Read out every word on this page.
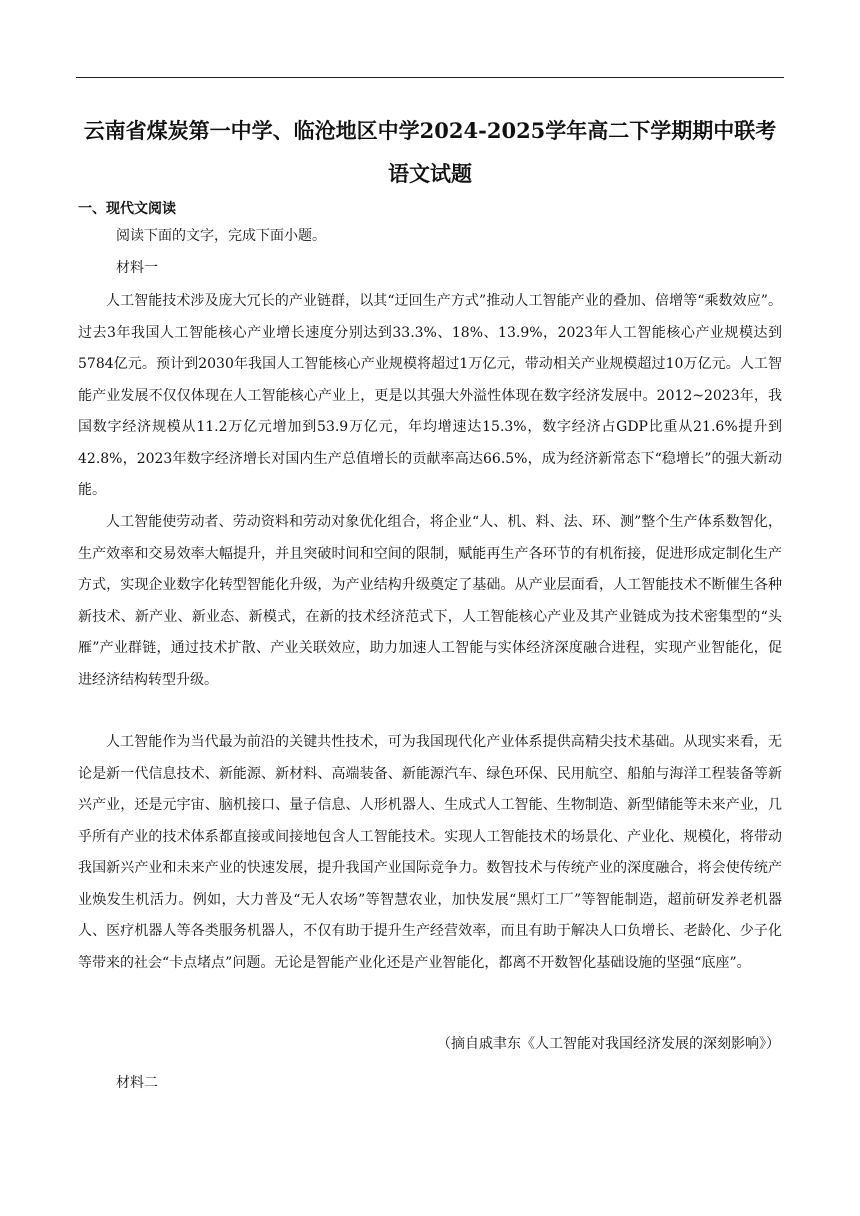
云南省煤炭第一中学、临沧地区中学2024-2025学年高二下学期期中联考
语文试题
一、现代文阅读
阅读下面的文字，完成下面小题。
材料一
人工智能技术涉及庞大冗长的产业链群，以其“迂回生产方式”推动人工智能产业的叠加、倍增等“乘数效应”。过去3年我国人工智能核心产业增长速度分别达到33.3%、18%、13.9%，2023年人工智能核心产业规模达到5784亿元。预计到2030年我国人工智能核心产业规模将超过1万亿元，带动相关产业规模超过10万亿元。人工智能产业发展不仅仅体现在人工智能核心产业上，更是以其强大外溢性体现在数字经济发展中。2012~2023年，我国数字经济规模从11.2万亿元增加到53.9万亿元，年均增速达15.3%，数字经济占GDP比重从21.6%提升到42.8%，2023年数字经济增长对国内生产总值增长的贡献率高达66.5%，成为经济新常态下“稳增长”的强大新动能。
人工智能使劳动者、劳动资料和劳动对象优化组合，将企业“人、机、料、法、环、测”整个生产体系数智化，生产效率和交易效率大幅提升，并且突破时间和空间的限制，赋能再生产各环节的有机衔接，促进形成定制化生产方式，实现企业数字化转型智能化升级，为产业结构升级奠定了基础。从产业层面看，人工智能技术不断催生各种新技术、新产业、新业态、新模式，在新的技术经济范式下，人工智能核心产业及其产业链成为技术密集型的“头雁”产业群链，通过技术扩散、产业关联效应，助力加速人工智能与实体经济深度融合进程，实现产业智能化，促进经济结构转型升级。
人工智能作为当代最为前沿的关键共性技术，可为我国现代化产业体系提供高精尖技术基础。从现实来看，无论是新一代信息技术、新能源、新材料、高端装备、新能源汽车、绿色环保、民用航空、船舶与海洋工程装备等新兴产业，还是元宇宙、脑机接口、量子信息、人形机器人、生成式人工智能、生物制造、新型储能等未来产业，几乎所有产业的技术体系都直接或间接地包含人工智能技术。实现人工智能技术的场景化、产业化、规模化，将带动我国新兴产业和未来产业的快速发展，提升我国产业国际竞争力。数智技术与传统产业的深度融合，将会使传统产业焕发生机活力。例如，大力普及“无人农场”等智慧农业，加快发展“黑灯工厂”等智能制造，超前研发养老机器人、医疗机器人等各类服务机器人，不仅有助于提升生产经营效率，而且有助于解决人口负增长、老龄化、少子化等带来的社会“卡点堵点”问题。无论是智能产业化还是产业智能化，都离不开数智化基础设施的坚强“底座”。
（摘自戚聿东《人工智能对我国经济发展的深刻影响》）
材料二
